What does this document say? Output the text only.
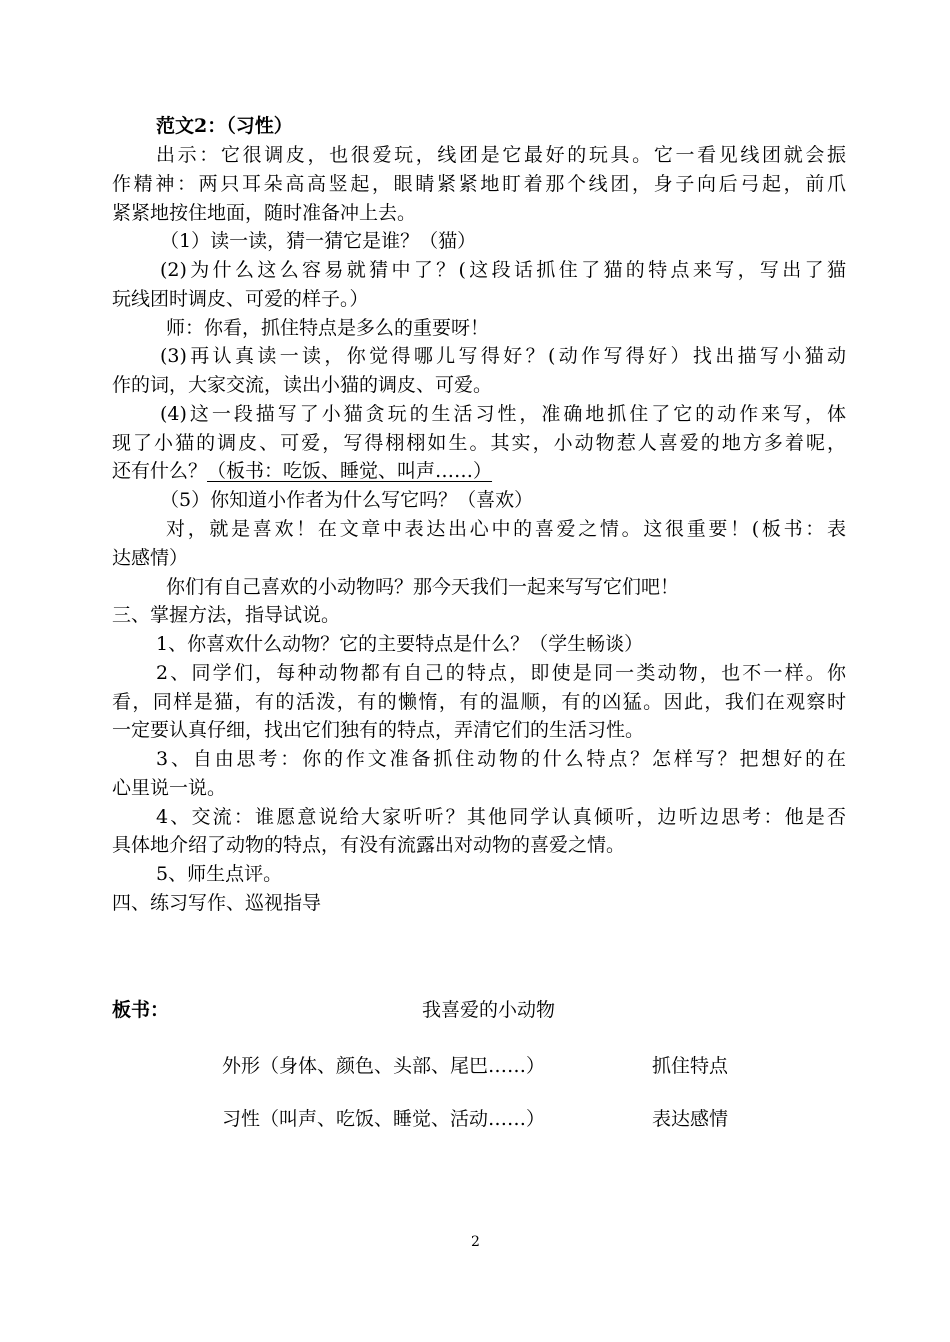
范文2：（习性）
出示：它很调皮，也很爱玩，线团是它最好的玩具。它一看见线团就会振
作精神：两只耳朵高高竖起，眼睛紧紧地盯着那个线团，身子向后弓起，前爪
紧紧地按住地面，随时准备冲上去。
（1）读一读，猜一猜它是谁？（猫）
(2)为什么这么容易就猜中了？(这段话抓住了猫的特点来写，写出了猫
玩线团时调皮、可爱的样子。）
师：你看，抓住特点是多么的重要呀！
(3)再认真读一读，你觉得哪儿写得好？(动作写得好）找出描写小猫动
作的词，大家交流，读出小猫的调皮、可爱。
(4)这一段描写了小猫贪玩的生活习性，准确地抓住了它的动作来写，体
现了小猫的调皮、可爱，写得栩栩如生。其实，小动物惹人喜爱的地方多着呢，
还有什么？（板书：吃饭、睡觉、叫声……）
（5）你知道小作者为什么写它吗？（喜欢）
对，就是喜欢！在文章中表达出心中的喜爱之情。这很重要！(板书：表
达感情）
你们有自己喜欢的小动物吗？那今天我们一起来写写它们吧！
三、掌握方法，指导试说。
1、你喜欢什么动物？它的主要特点是什么？（学生畅谈）
2、同学们，每种动物都有自己的特点，即使是同一类动物，也不一样。你
看，同样是猫，有的活泼，有的懒惰，有的温顺，有的凶猛。因此，我们在观察时
一定要认真仔细，找出它们独有的特点，弄清它们的生活习性。
3、自由思考：你的作文准备抓住动物的什么特点？怎样写？把想好的在
心里说一说。
4、交流：谁愿意说给大家听听？其他同学认真倾听，边听边思考：他是否
具体地介绍了动物的特点，有没有流露出对动物的喜爱之情。
5、师生点评。
四、练习写作、巡视指导
板书：	我喜爱的小动物
外形（身体、颜色、头部、尾巴……）	抓住特点
习性（叫声、吃饭、睡觉、活动……）	表达感情
2
